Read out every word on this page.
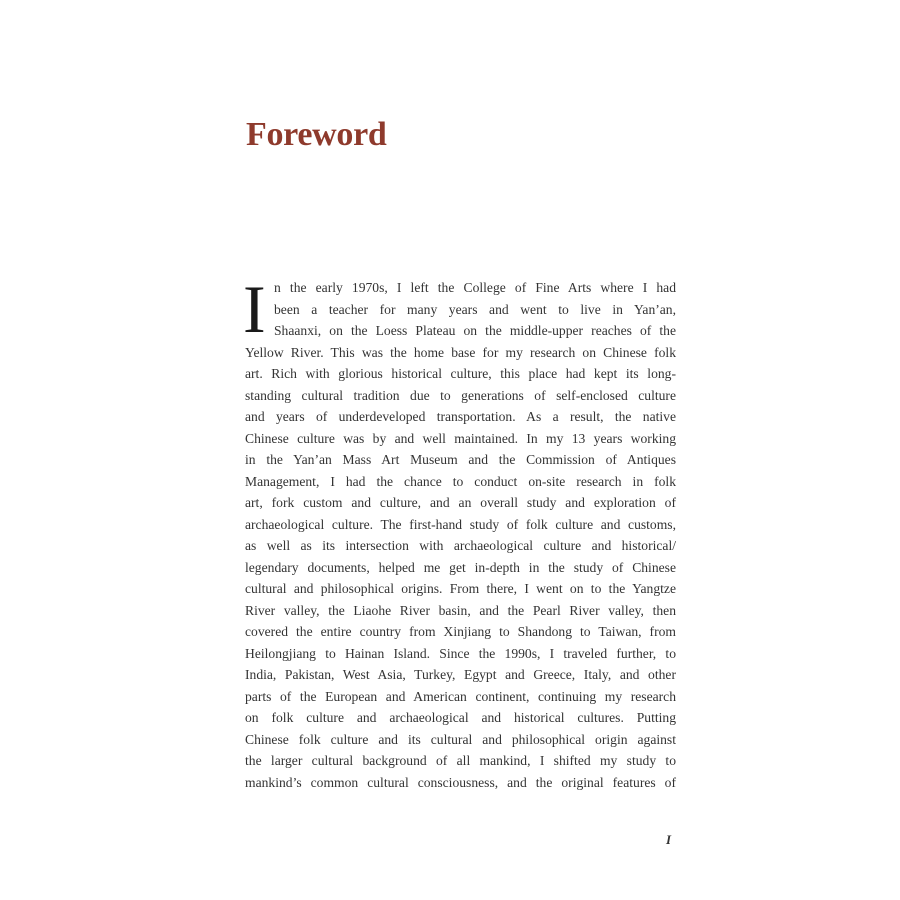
Foreword
I n the early 1970s, I left the College of Fine Arts where I had
been a teacher for many years and went to live in Yan’an,
Shaanxi, on the Loess Plateau on the middle-upper reaches of the
Yellow River. This was the home base for my research on Chinese folk
art. Rich with glorious historical culture, this place had kept its long-
standing cultural tradition due to generations of self-enclosed culture
and years of underdeveloped transportation. As a result, the native
Chinese culture was by and well maintained. In my 13 years working
in the Yan’an Mass Art Museum and the Commission of Antiques
Management, I had the chance to conduct on-site research in folk
art, fork custom and culture, and an overall study and exploration of
archaeological culture. The first-hand study of folk culture and customs,
as well as its intersection with archaeological culture and historical/
legendary documents, helped me get in-depth in the study of Chinese
cultural and philosophical origins. From there, I went on to the Yangtze
River valley, the Liaohe River basin, and the Pearl River valley, then
covered the entire country from Xinjiang to Shandong to Taiwan, from
Heilongjiang to Hainan Island. Since the 1990s, I traveled further, to
India, Pakistan, West Asia, Turkey, Egypt and Greece, Italy, and other
parts of the European and American continent, continuing my research
on folk culture and archaeological and historical cultures. Putting
Chinese folk culture and its cultural and philosophical origin against
the larger cultural background of all mankind, I shifted my study to
mankind’s common cultural consciousness, and the original features of
I
